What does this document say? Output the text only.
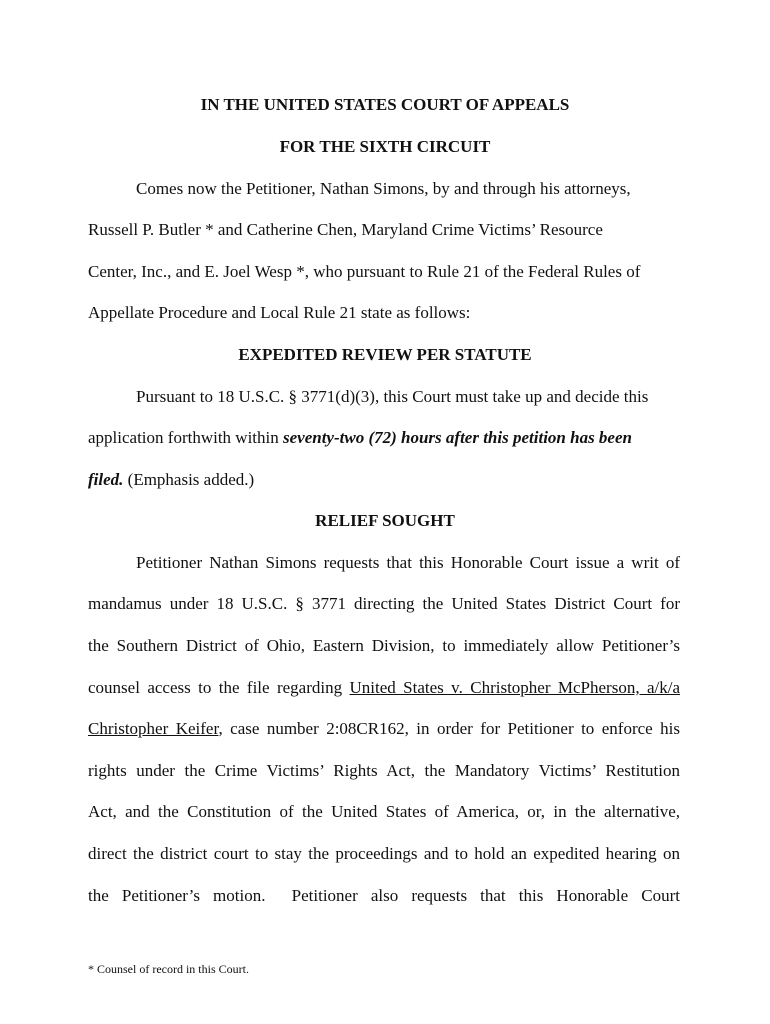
IN THE UNITED STATES COURT OF APPEALS
FOR THE SIXTH CIRCUIT
Comes now the Petitioner, Nathan Simons, by and through his attorneys,
Russell P. Butler * and Catherine Chen, Maryland Crime Victims’ Resource
Center, Inc., and E. Joel Wesp *, who pursuant to Rule 21 of the Federal Rules of
Appellate Procedure and Local Rule 21 state as follows:
EXPEDITED REVIEW PER STATUTE
Pursuant to 18 U.S.C. § 3771(d)(3), this Court must take up and decide this
application forthwith within seventy-two (72) hours after this petition has been
filed. (Emphasis added.)
RELIEF SOUGHT
Petitioner Nathan Simons requests that this Honorable Court issue a writ of
mandamus under 18 U.S.C. § 3771 directing the United States District Court for
the Southern District of Ohio, Eastern Division, to immediately allow Petitioner’s
counsel access to the file regarding United States v. Christopher McPherson, a/k/a
Christopher Keifer, case number 2:08CR162, in order for Petitioner to enforce his
rights under the Crime Victims’ Rights Act, the Mandatory Victims’ Restitution
Act, and the Constitution of the United States of America, or, in the alternative,
direct the district court to stay the proceedings and to hold an expedited hearing on
the Petitioner’s motion.  Petitioner also requests that this Honorable Court
* Counsel of record in this Court.
